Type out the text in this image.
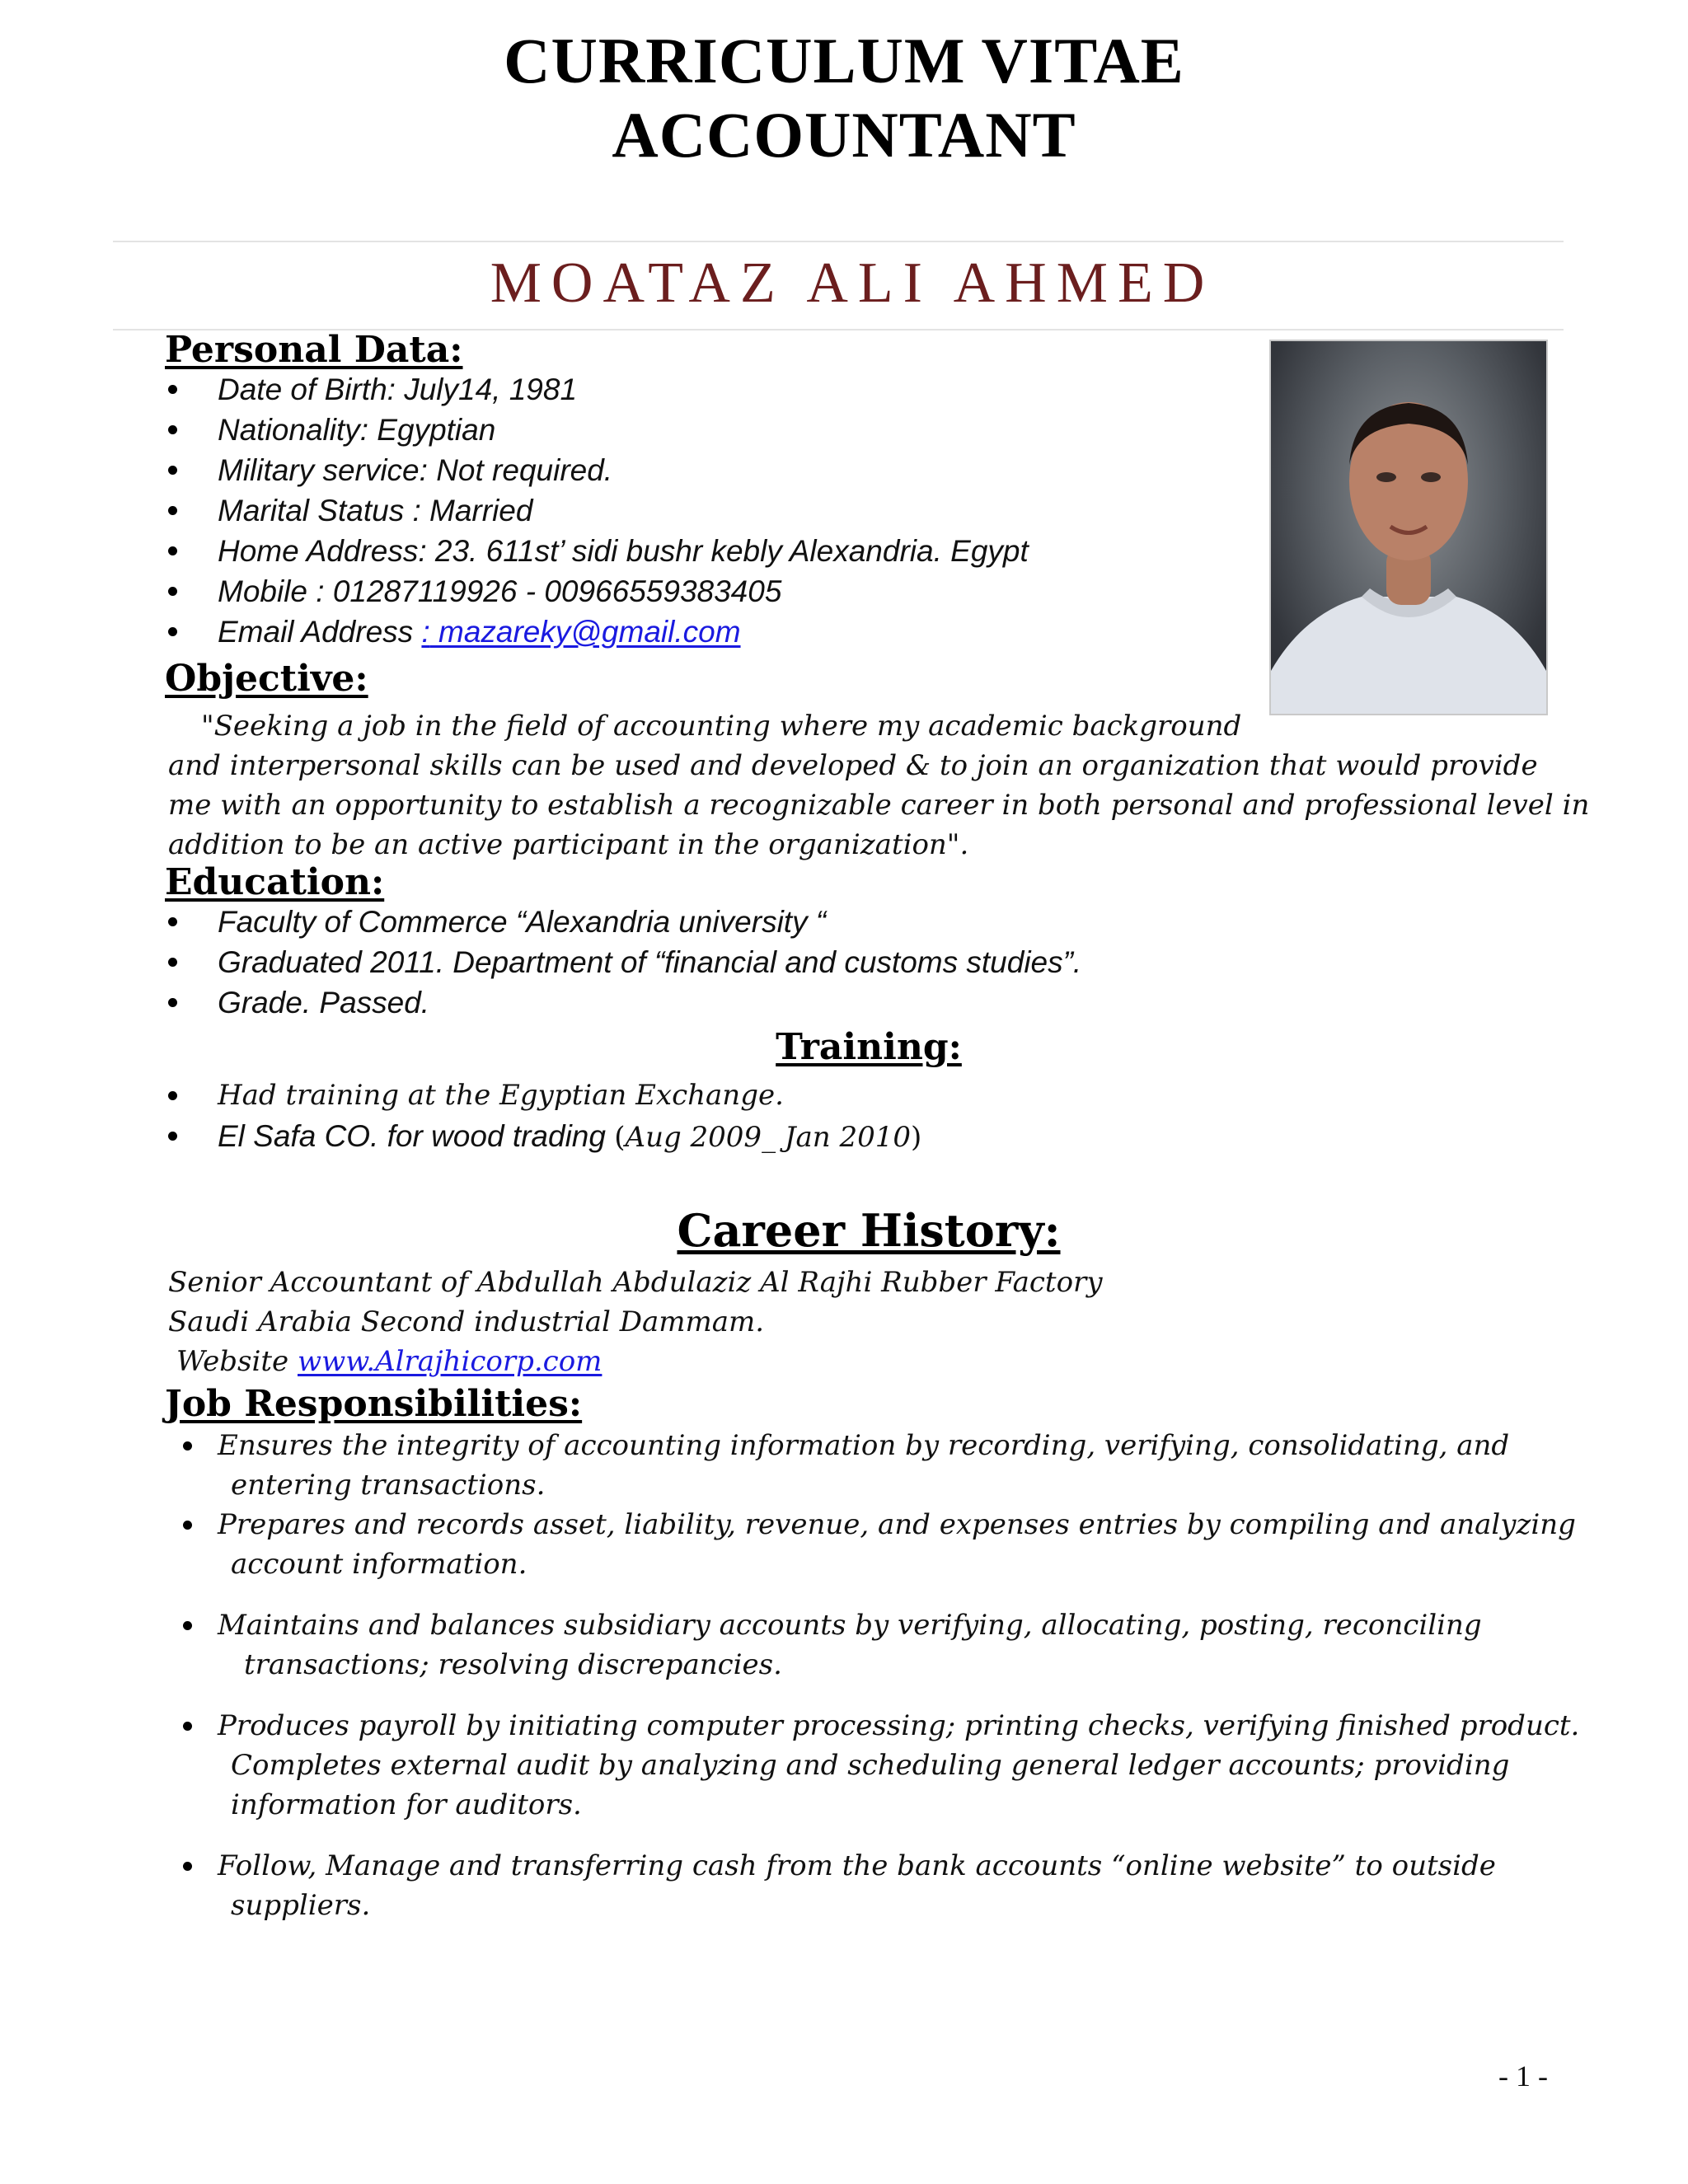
CURRICULUM VITAE
ACCOUNTANT
MOATAZ ALI AHMED
Personal Data:
Date of Birth: July14, 1981
Nationality: Egyptian
Military service: Not required.
Marital Status : Married
Home Address: 23. 611st’ sidi bushr kebly Alexandria. Egypt
Mobile : 01287119926 - 00966559383405
Email Address : mazareky@gmail.com
Objective:

"Seeking a job in the field of accounting where my academic background
and interpersonal skills can be used and developed & to join an organization that would provide
me with an opportunity to establish a recognizable career in both personal and professional level in
addition to be an active participant in the organization".

Education:
Faculty of Commerce “Alexandria university “
Graduated 2011. Department of “financial and customs studies”.
Grade. Passed.
Training:
Had training at the Egyptian Exchange.
El Safa CO. for wood trading (Aug 2009_ Jan 2010)
Career History:
Senior Accountant of Abdullah Abdulaziz Al Rajhi Rubber Factory
Saudi Arabia Second industrial Dammam.
Website www.Alrajhicorp.com
Job Responsibilities:
Ensures the integrity of accounting information by recording, verifying, consolidating, and
entering transactions.
Prepares and records asset, liability, revenue, and expenses entries by compiling and analyzing
account information.
Maintains and balances subsidiary accounts by verifying, allocating, posting, reconciling
transactions; resolving discrepancies.
Produces payroll by initiating computer processing; printing checks, verifying finished product.
Completes external audit by analyzing and scheduling general ledger accounts; providing
information for auditors.
Follow, Manage and transferring cash from the bank accounts “online website” to outside
suppliers.
- 1 -
